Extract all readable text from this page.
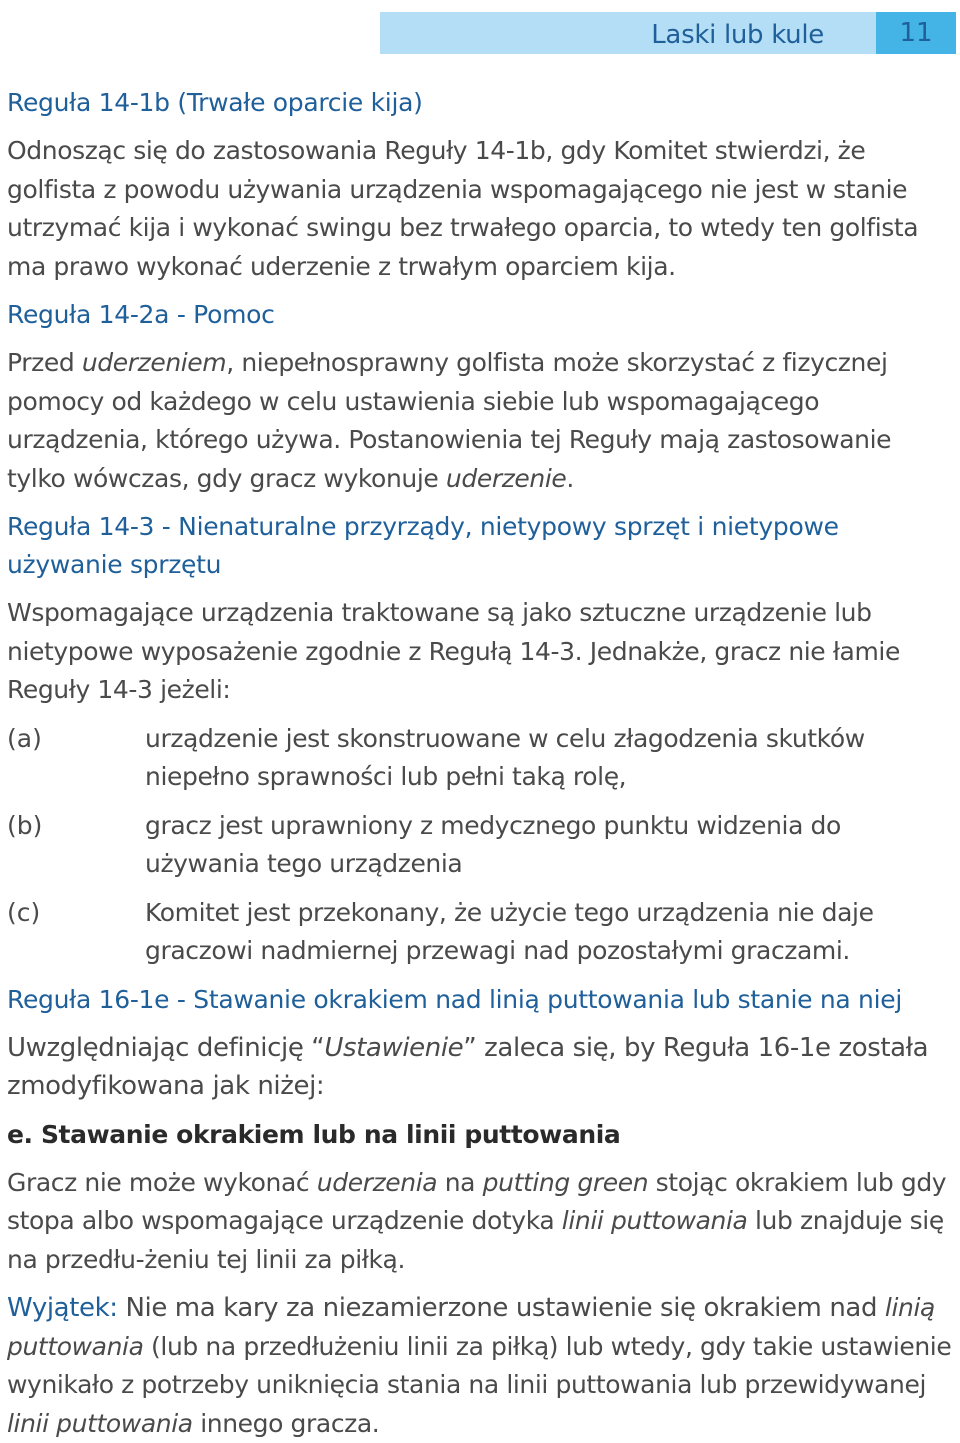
Laski lub kule	11
Reguła 14-1b (Trwałe oparcie kija)

Odnosząc się do zastosowania Reguły 14-1b, gdy Komitet stwierdzi, że golfista z powodu używania urządzenia wspomagającego nie jest w stanie utrzymać kija i wykonać swingu bez trwałego oparcia, to wtedy ten golfista ma prawo wykonać uderzenie z trwałym oparciem kija.

Reguła 14-2a - Pomoc

Przed uderzeniem, niepełnosprawny golfista może skorzystać z fizycznej pomocy od każdego w celu ustawienia siebie lub wspomagającego urządzenia, którego używa. Postanowienia tej Reguły mają zastosowanie tylko wówczas, gdy gracz wykonuje uderzenie.

Reguła 14-3 - Nienaturalne przyrządy, nietypowy sprzęt i nietypowe używanie sprzętu

Wspomagające urządzenia traktowane są jako sztuczne urządzenie lub nietypowe wyposażenie zgodnie z Regułą 14-3. Jednakże, gracz nie łamie Reguły 14-3 jeżeli:

(a)	urządzenie jest skonstruowane w celu złagodzenia skutków niepełno sprawności lub pełni taką rolę,
(b)	gracz jest uprawniony z medycznego punktu widzenia do używania tego urządzenia
(c)	Komitet jest przekonany, że użycie tego urządzenia nie daje graczowi nadmiernej przewagi nad pozostałymi graczami.
Reguła 16-1e - Stawanie okrakiem nad linią puttowania lub stanie na niej

Uwzględniając definicję “Ustawienie” zaleca się, by Reguła 16-1e została zmodyfikowana jak niżej:

e. Stawanie okrakiem lub na linii puttowania

Gracz nie może wykonać uderzenia na putting green stojąc okrakiem lub gdy stopa albo wspomagające urządzenie dotyka linii puttowania lub znajduje się na przedłu-żeniu tej linii za piłką.

Wyjątek: Nie ma kary za niezamierzone ustawienie się okrakiem nad linią puttowania (lub na przedłużeniu linii za piłką) lub wtedy, gdy takie ustawienie wynikało z potrzeby uniknięcia stania na linii puttowania lub przewidywanej linii puttowania innego gracza.
